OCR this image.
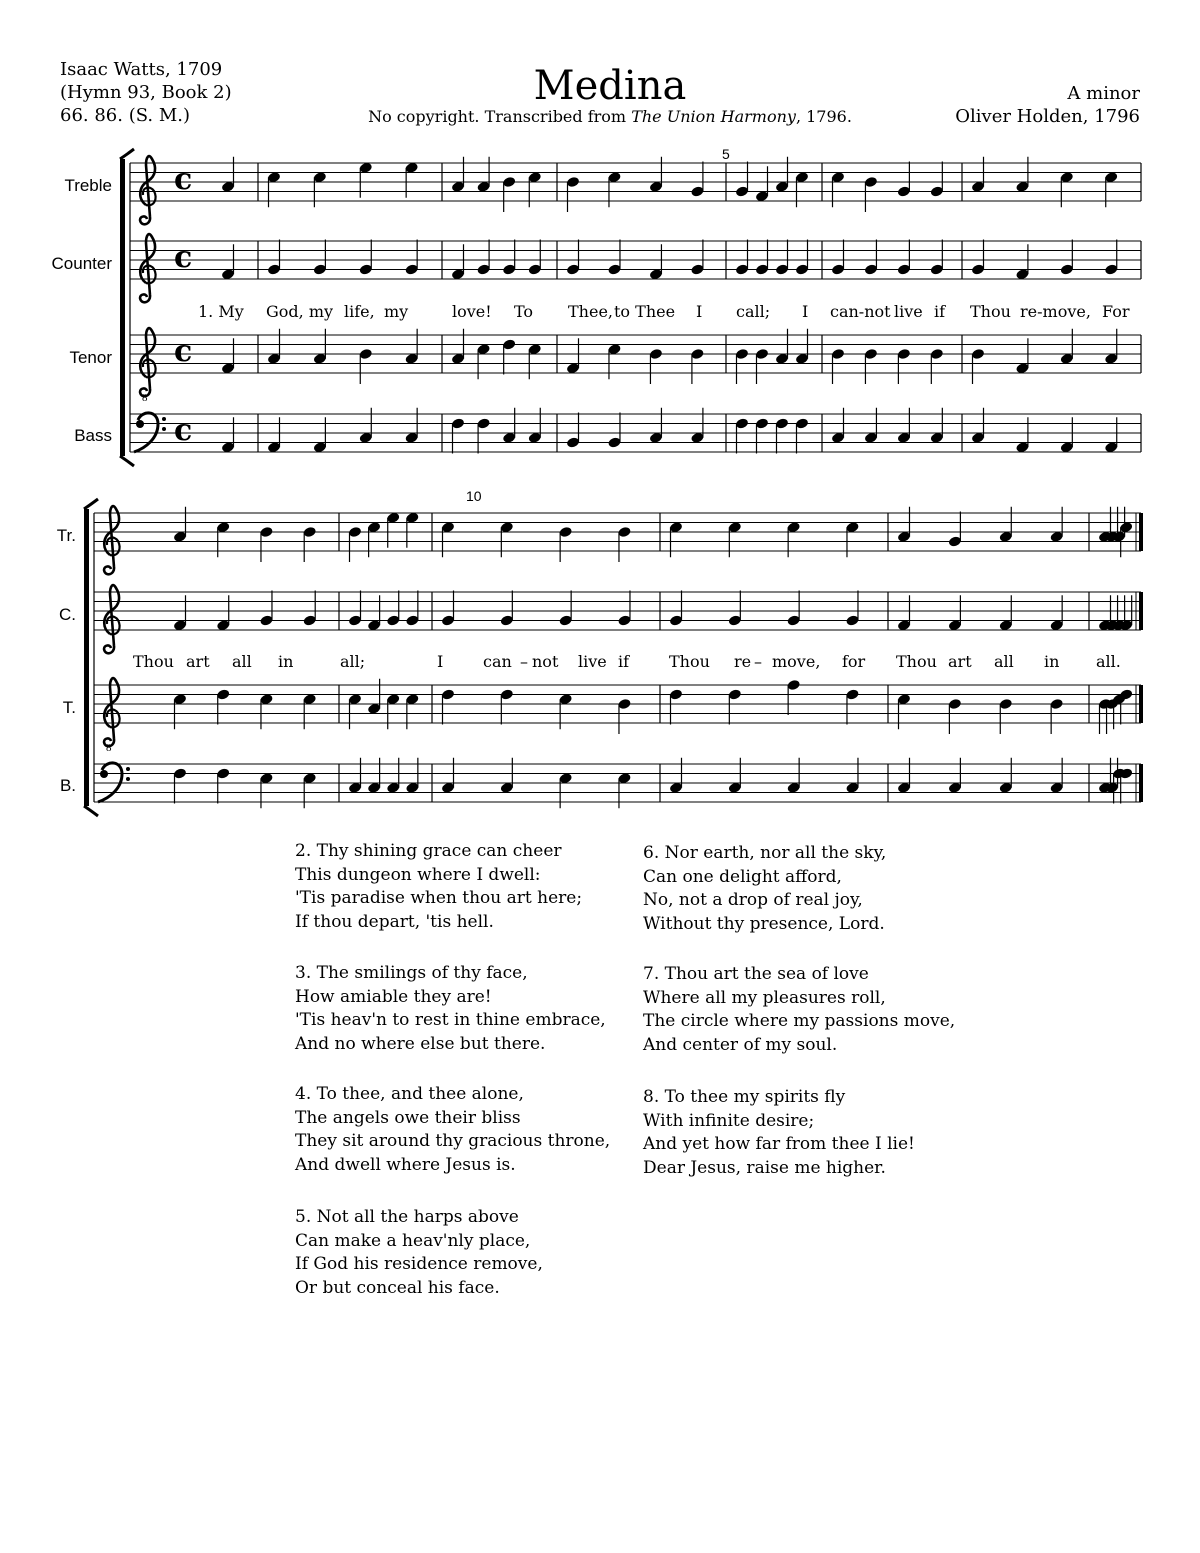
Isaac Watts, 1709
(Hymn 93, Book 2)
66. 86. (S. M.)
Medina
No copyright. Transcribed from The Union Harmony, 1796.
A minor
Oliver Holden, 1796
Treble
Counter
Tenor
Bass
5
Tr.
C.
T.
B.
10
c
c
8
c
c
8
1. My God, my life, my	love! To Thee, to Thee I call; I can-not live if Thou re-move, For
Thou art all in	all;	I can – not live if Thou re – move, for Thou art all in all.
2. Thy shining grace can cheer
This dungeon where I dwell:
'Tis paradise when thou art here;
If thou depart, 'tis hell.
3. The smilings of thy face,
How amiable they are!
'Tis heav'n to rest in thine embrace,
And no where else but there.
4. To thee, and thee alone,
The angels owe their bliss
They sit around thy gracious throne,
And dwell where Jesus is.
5. Not all the harps above
Can make a heav'nly place,
If God his residence remove,
Or but conceal his face.
6. Nor earth, nor all the sky,
Can one delight afford,
No, not a drop of real joy,
Without thy presence, Lord.
7. Thou art the sea of love
Where all my pleasures roll,
The circle where my passions move,
And center of my soul.
8. To thee my spirits fly
With infinite desire;
And yet how far from thee I lie!
Dear Jesus, raise me higher.
